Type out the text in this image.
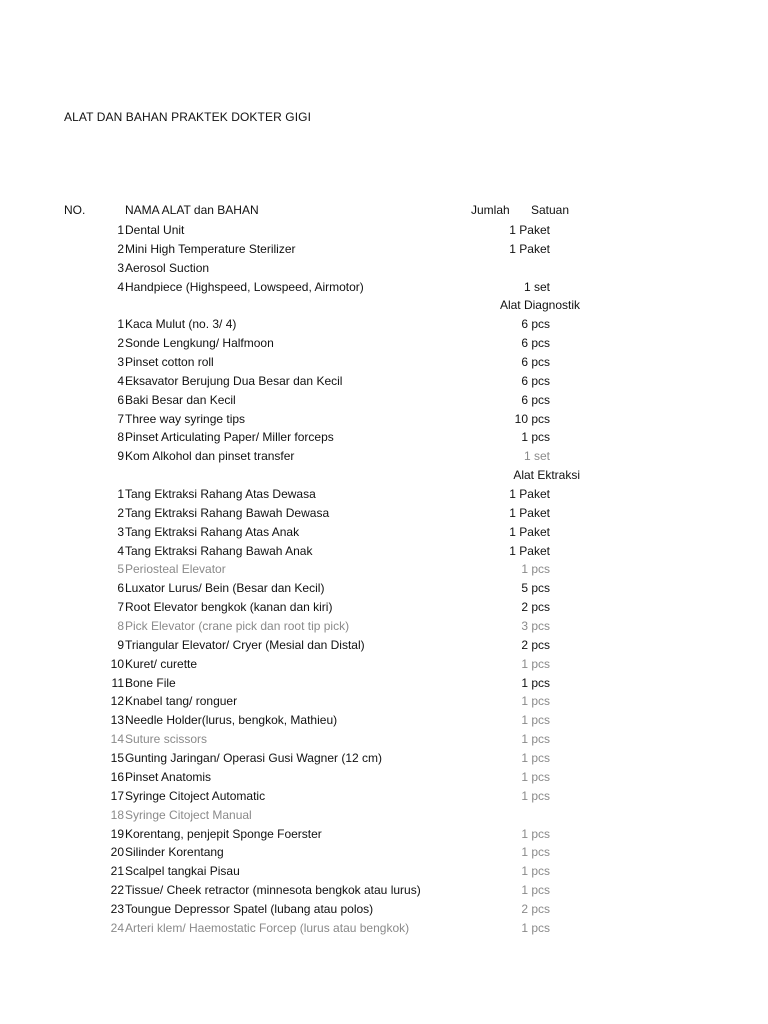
ALAT DAN BAHAN PRAKTEK DOKTER GIGI
NO.	NAMA ALAT dan BAHAN	Jumlah Satuan
1 Dental Unit	1 Paket
2 Mini High Temperature Sterilizer	1 Paket
3 Aerosol Suction
4 Handpiece (Highspeed, Lowspeed, Airmotor)	1 set
Alat Diagnostik
1 Kaca Mulut (no. 3/ 4)	6 pcs
2 Sonde Lengkung/ Halfmoon	6 pcs
3 Pinset cotton roll	6 pcs
4 Eksavator Berujung Dua Besar dan Kecil	6 pcs
6 Baki Besar dan Kecil	6 pcs
7 Three way syringe tips	10 pcs
8 Pinset Articulating Paper/ Miller forceps	1 pcs
9 Kom Alkohol dan pinset transfer	1 set
Alat Ektraksi
1 Tang Ektraksi Rahang Atas Dewasa	1 Paket
2 Tang Ektraksi Rahang Bawah Dewasa	1 Paket
3 Tang Ektraksi Rahang Atas Anak	1 Paket
4 Tang Ektraksi Rahang Bawah Anak	1 Paket
5 Periosteal Elevator	1 pcs
6 Luxator Lurus/ Bein (Besar dan Kecil)	5 pcs
7 Root Elevator bengkok (kanan dan kiri)	2 pcs
8 Pick Elevator (crane pick dan root tip pick)	3 pcs
9 Triangular Elevator/ Cryer (Mesial dan Distal)	2 pcs
10 Kuret/ curette	1 pcs
11 Bone File	1 pcs
12 Knabel tang/ ronguer	1 pcs
13 Needle Holder(lurus, bengkok, Mathieu)	1 pcs
14 Suture scissors	1 pcs
15 Gunting Jaringan/ Operasi Gusi Wagner (12 cm)	1 pcs
16 Pinset Anatomis	1 pcs
17 Syringe Citoject Automatic	1 pcs
18 Syringe Citoject Manual
19 Korentang, penjepit Sponge Foerster	1 pcs
20 Silinder Korentang	1 pcs
21 Scalpel tangkai Pisau	1 pcs
22 Tissue/ Cheek retractor (minnesota bengkok atau lurus)	1 pcs
23 Toungue Depressor Spatel (lubang atau polos)	2 pcs
24 Arteri klem/ Haemostatic Forcep (lurus atau bengkok)	1 pcs
